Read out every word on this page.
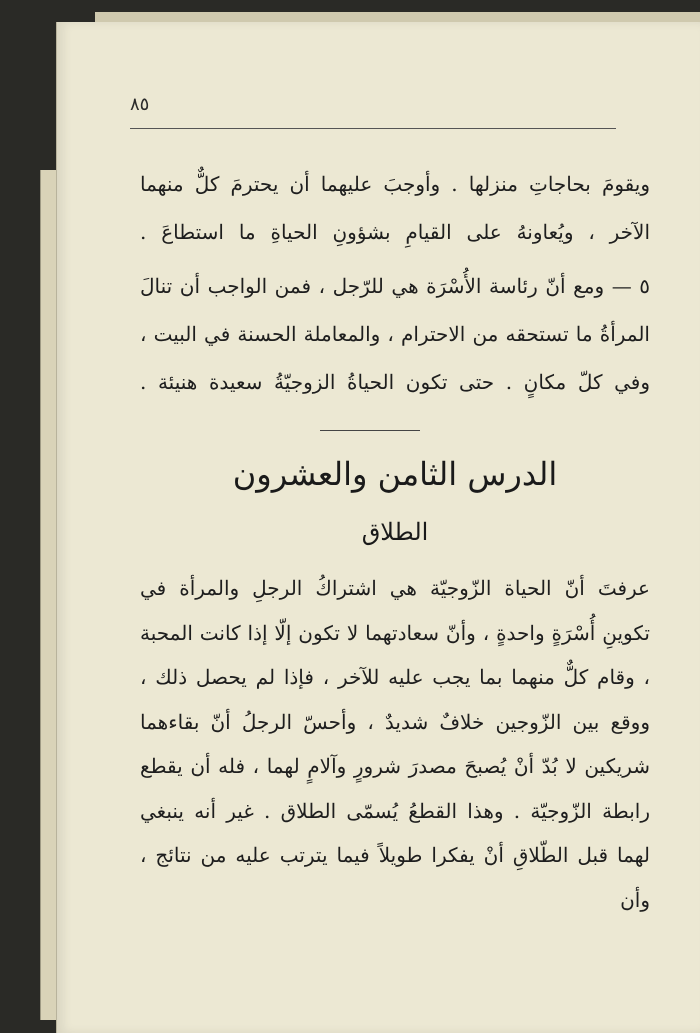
٨٥
ويقومَ بحاجاتِ منزلها . وأوجبَ عليهما أن يحترمَ كلٌّ منهما الآخر ، ويُعاونهُ على القيامِ بشؤونِ الحياةِ ما استطاعَ .
٥ — ومع أنّ رئاسة الأُسْرَة هي للرّجل ، فمن الواجب أن تنالَ المرأةُ ما تستحقه من الاحترام ، والمعاملة الحسنة في البيت ، وفي كلّ مكانٍ . حتى تكون الحياةُ الزوجيّةُ سعيدة هنيئة .
الدرس الثامن والعشرون
الطلاق
عرفتَ أنّ الحياة الزّوجيّة هي اشتراكُ الرجلِ والمرأة في تكوينِ أُسْرَةٍ واحدةٍ ، وأنّ سعادتهما لا تكون إلّا إذا كانت المحبة ، وقام كلٌّ منهما بما يجب عليه للآخر ، فإذا لم يحصل ذلك ، ووقع بين الزّوجين خلافٌ شديدٌ ، وأحسّ الرجلُ أنّ بقاءهما شريكين لا بُدّ أنْ يُصبحَ مصدرَ شرورٍ وآلامٍ لهما ، فله أن يقطع رابطة الزّوجيّة . وهذا القطعُ يُسمّى الطلاق . غير أنه ينبغي لهما قبل الطّلاقِ أنْ يفكرا طويلاً فيما يترتب عليه من نتائج ، وأن
